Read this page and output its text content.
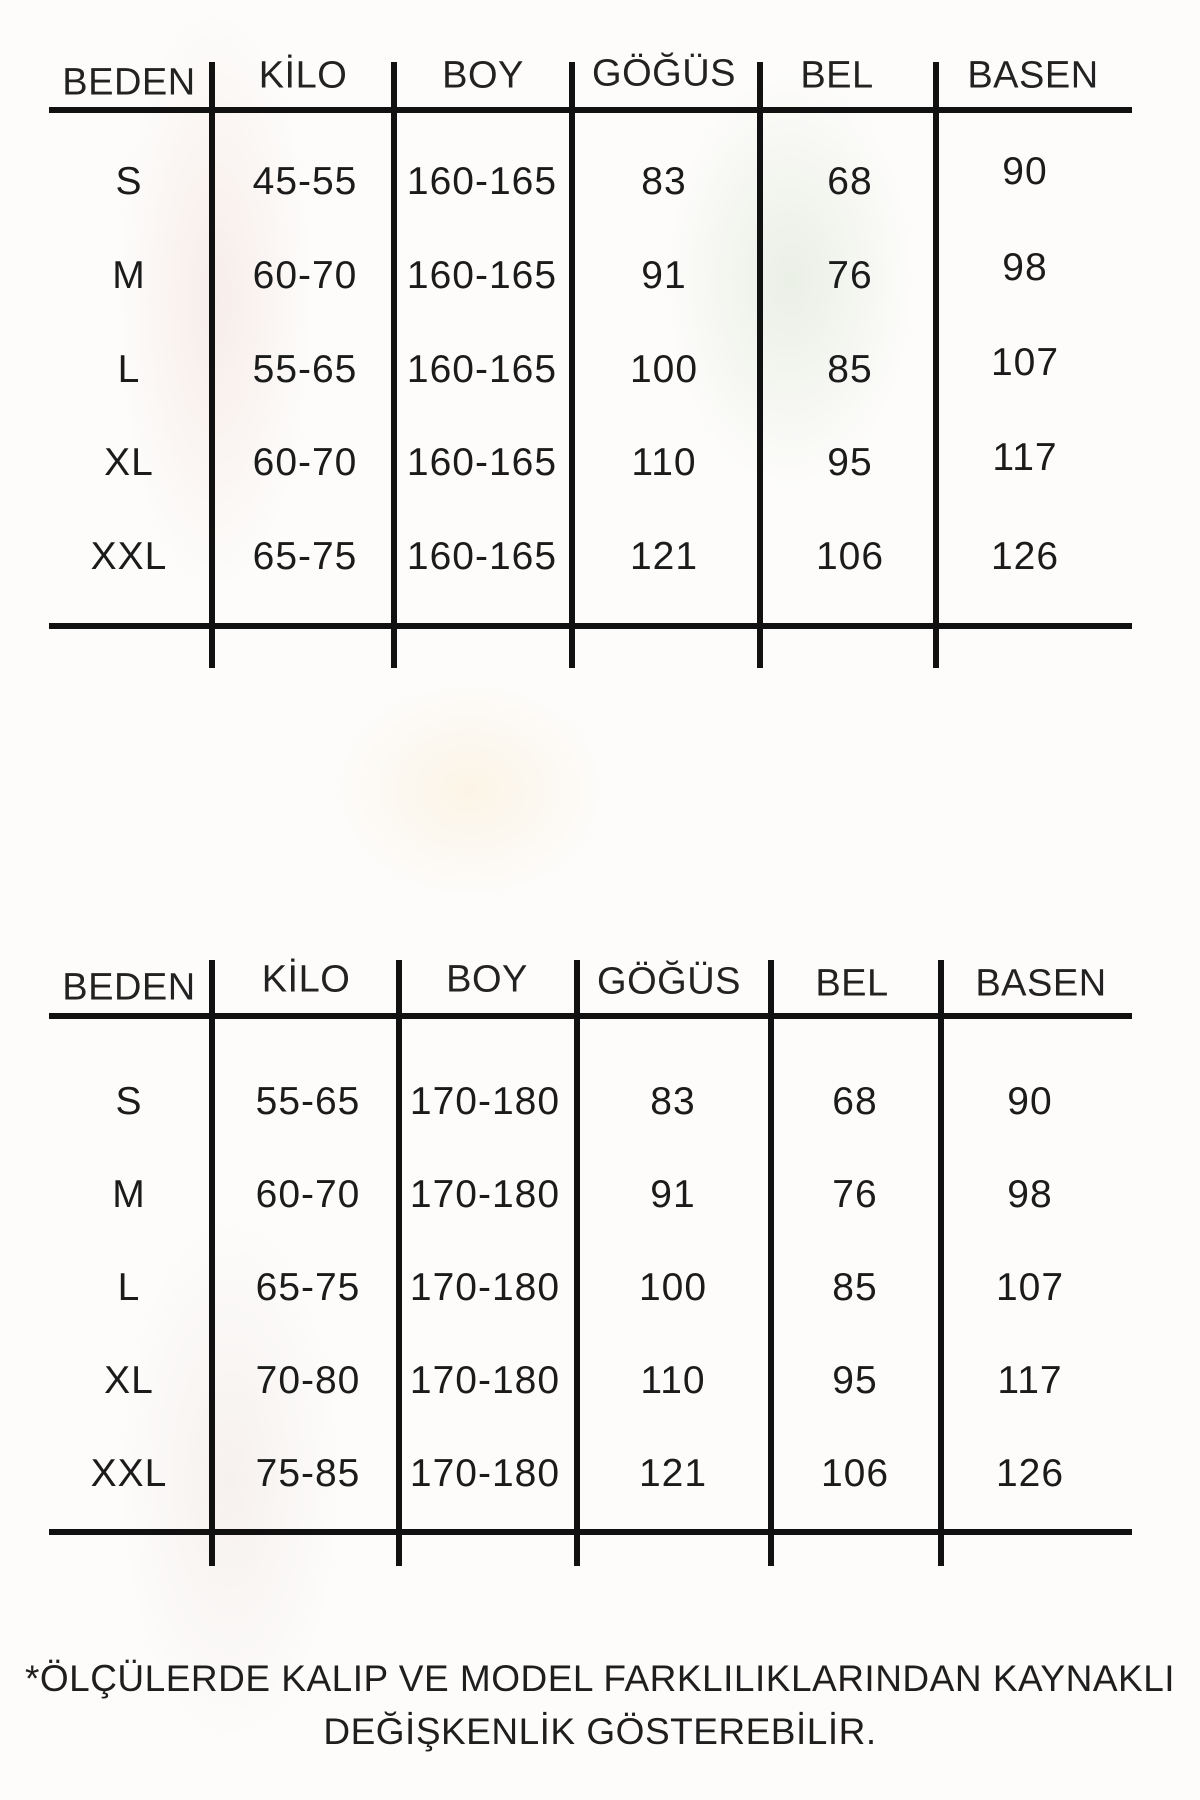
BEDEN KİLO BOY GÖĞÜS BEL BASEN
S	45-55 160-165 83	68	90
M	60-70 160-165 91	76	98
L	55-65 160-165 100	85	107
XL	60-70 160-165 110	95	117
XXL 65-75 160-165 121	106	126
BEDEN KİLO	BOY GÖĞÜS BEL BASEN
S	55-65 170-180 83	68	90
M	60-70 170-180 91	76	98
L	65-75 170-180 100	85	107
XL	70-80 170-180 110	95	117
XXL 75-85 170-180 121	106	126
*ÖLÇÜLERDE KALIP VE MODEL FARKLILIKLARINDAN KAYNAKLI
DEĞİŞKENLİK GÖSTEREBİLİR.
